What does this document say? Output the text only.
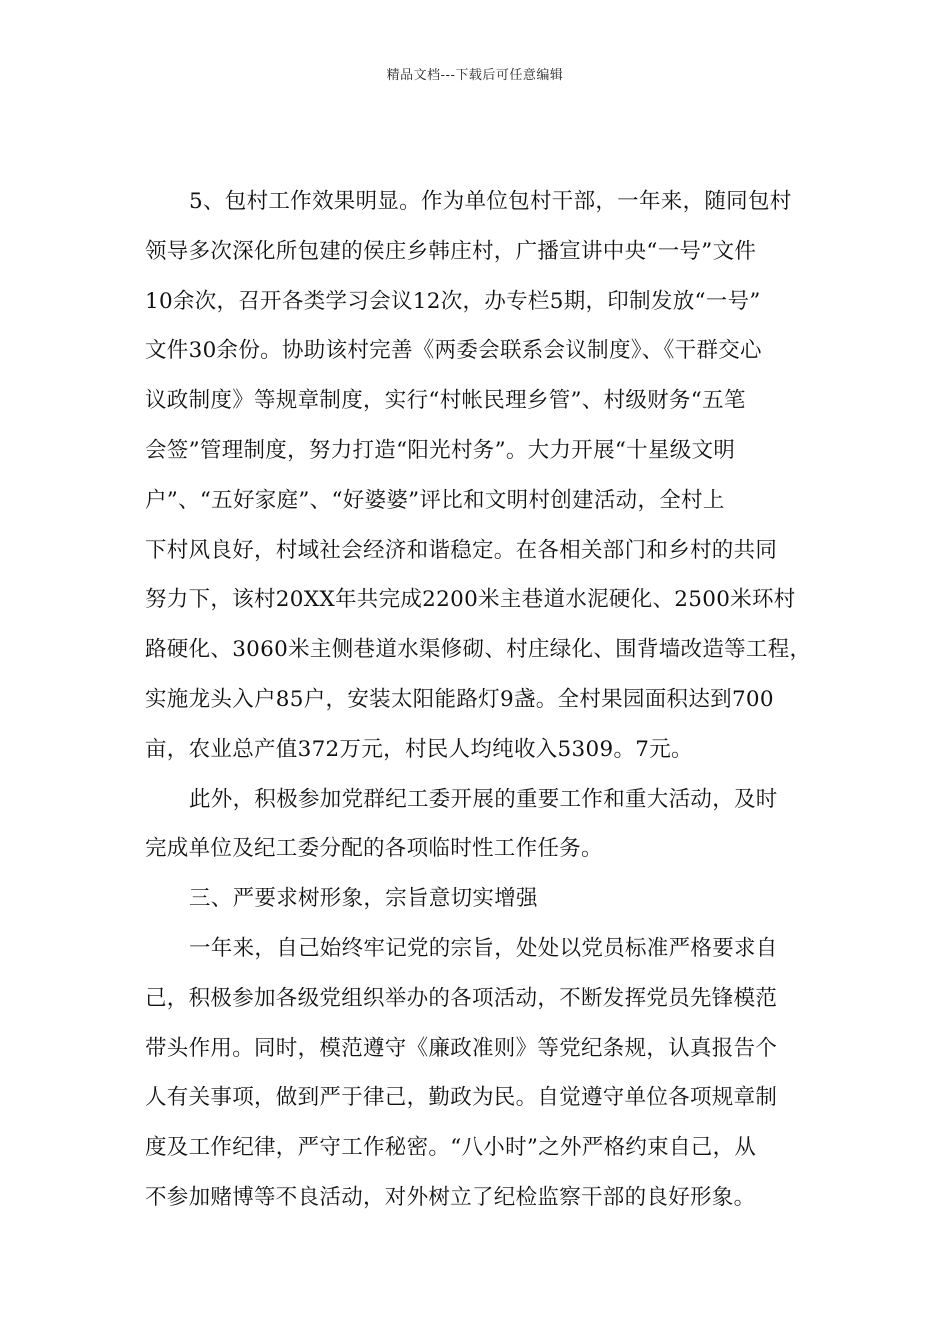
精品文档---下载后可任意编辑
5、包村工作效果明显。作为单位包村干部，一年来，随同包村
领导多次深化所包建的侯庄乡韩庄村，广播宣讲中央“一号”文件
10余次，召开各类学习会议12次，办专栏5期，印制发放“一号”
文件30余份。协助该村完善《两委会联系会议制度》、《干群交心
议政制度》等规章制度，实行“村帐民理乡管”、村级财务“五笔
会签”管理制度，努力打造“阳光村务”。大力开展“十星级文明
户”、“五好家庭”、“好婆婆”评比和文明村创建活动，全村上
下村风良好，村域社会经济和谐稳定。在各相关部门和乡村的共同
努力下，该村20XX年共完成2200米主巷道水泥硬化、2500米环村
路硬化、3060米主侧巷道水渠修砌、村庄绿化、围背墙改造等工程，
实施龙头入户85户，安装太阳能路灯9盏。全村果园面积达到700
亩，农业总产值372万元，村民人均纯收入5309。7元。
此外，积极参加党群纪工委开展的重要工作和重大活动，及时
完成单位及纪工委分配的各项临时性工作任务。
三、严要求树形象，宗旨意切实增强
一年来，自己始终牢记党的宗旨，处处以党员标准严格要求自
己，积极参加各级党组织举办的各项活动，不断发挥党员先锋模范
带头作用。同时，模范遵守《廉政准则》等党纪条规，认真报告个
人有关事项，做到严于律己，勤政为民。自觉遵守单位各项规章制
度及工作纪律，严守工作秘密。“八小时”之外严格约束自己，从
不参加赌博等不良活动，对外树立了纪检监察干部的良好形象。
